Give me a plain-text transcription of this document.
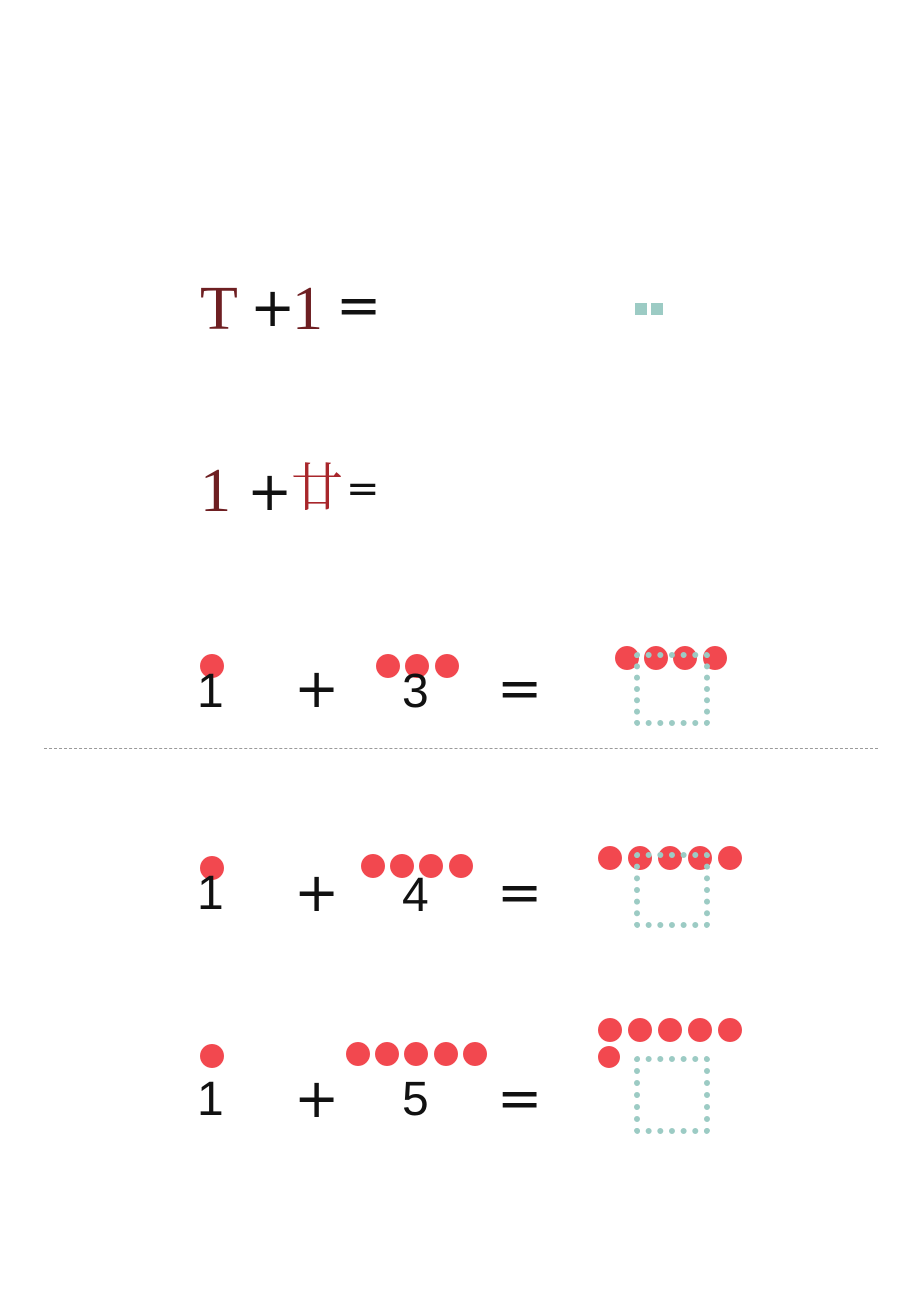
T +
1 =
1 +
廿 =
1 + 3 =
1 + 4 =
1 + 5 =
